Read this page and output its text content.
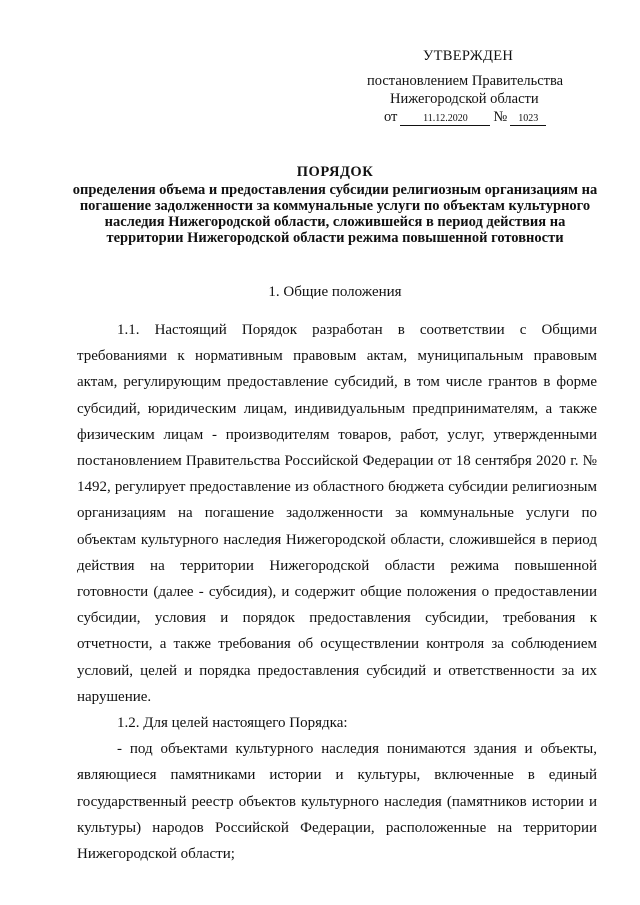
УТВЕРЖДЕН
постановлением Правительства
Нижегородской области
от	11.12.2020	№	1023
ПОРЯДОК
определения объема и предоставления субсидии религиозным организациям на погашение задолженности за коммунальные услуги по объектам культурного наследия Нижегородской области, сложившейся в период действия на территории Нижегородской области режима повышенной готовности
1. Общие положения

1.1. Настоящий Порядок разработан в соответствии с Общими требованиями к нормативным правовым актам, муниципальным правовым актам, регулирующим предоставление субсидий, в том числе грантов в форме субсидий, юридическим лицам, индивидуальным предпринимателям, а также физическим лицам - производителям товаров, работ, услуг, утвержденными постановлением Правительства Российской Федерации от 18 сентября 2020 г. № 1492, регулирует предоставление из областного бюджета субсидии религиозным организациям на погашение задолженности за коммунальные услуги по объектам культурного наследия Нижегородской области, сложившейся в период действия на территории Нижегородской области режима повышенной готовности (далее - субсидия), и содержит общие положения о предоставлении субсидии, условия и порядок предоставления субсидии, требования к отчетности, а также требования об осуществлении контроля за соблюдением условий, целей и порядка предоставления субсидий и ответственности за их нарушение.

1.2. Для целей настоящего Порядка:

- под объектами культурного наследия понимаются здания и объекты, являющиеся памятниками истории и культуры, включенные в единый государственный реестр объектов культурного наследия (памятников истории и культуры) народов Российской Федерации, расположенные на территории Нижегородской области;
